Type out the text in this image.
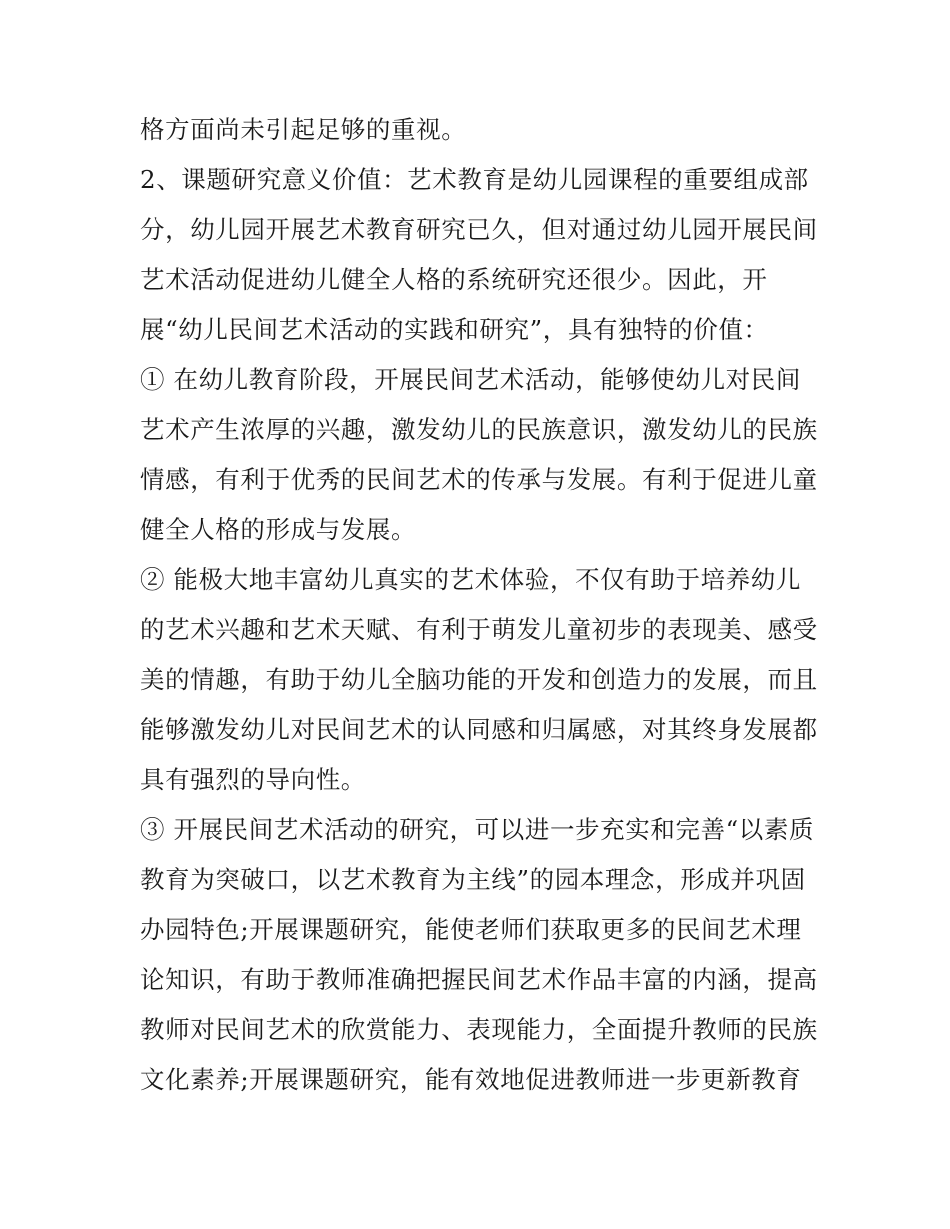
格方面尚未引起足够的重视。
2、课题研究意义价值：艺术教育是幼儿园课程的重要组成部
分，幼儿园开展艺术教育研究已久，但对通过幼儿园开展民间
艺术活动促进幼儿健全人格的系统研究还很少。因此，开
展“幼儿民间艺术活动的实践和研究”，具有独特的价值：
① 在幼儿教育阶段，开展民间艺术活动，能够使幼儿对民间
艺术产生浓厚的兴趣，激发幼儿的民族意识，激发幼儿的民族
情感，有利于优秀的民间艺术的传承与发展。有利于促进儿童
健全人格的形成与发展。
② 能极大地丰富幼儿真实的艺术体验，不仅有助于培养幼儿
的艺术兴趣和艺术天赋、有利于萌发儿童初步的表现美、感受
美的情趣，有助于幼儿全脑功能的开发和创造力的发展，而且
能够激发幼儿对民间艺术的认同感和归属感，对其终身发展都
具有强烈的导向性。
③ 开展民间艺术活动的研究，可以进一步充实和完善“以素质
教育为突破口，以艺术教育为主线”的园本理念，形成并巩固
办园特色;开展课题研究，能使老师们获取更多的民间艺术理
论知识，有助于教师准确把握民间艺术作品丰富的内涵，提高
教师对民间艺术的欣赏能力、表现能力，全面提升教师的民族
文化素养;开展课题研究，能有效地促进教师进一步更新教育
